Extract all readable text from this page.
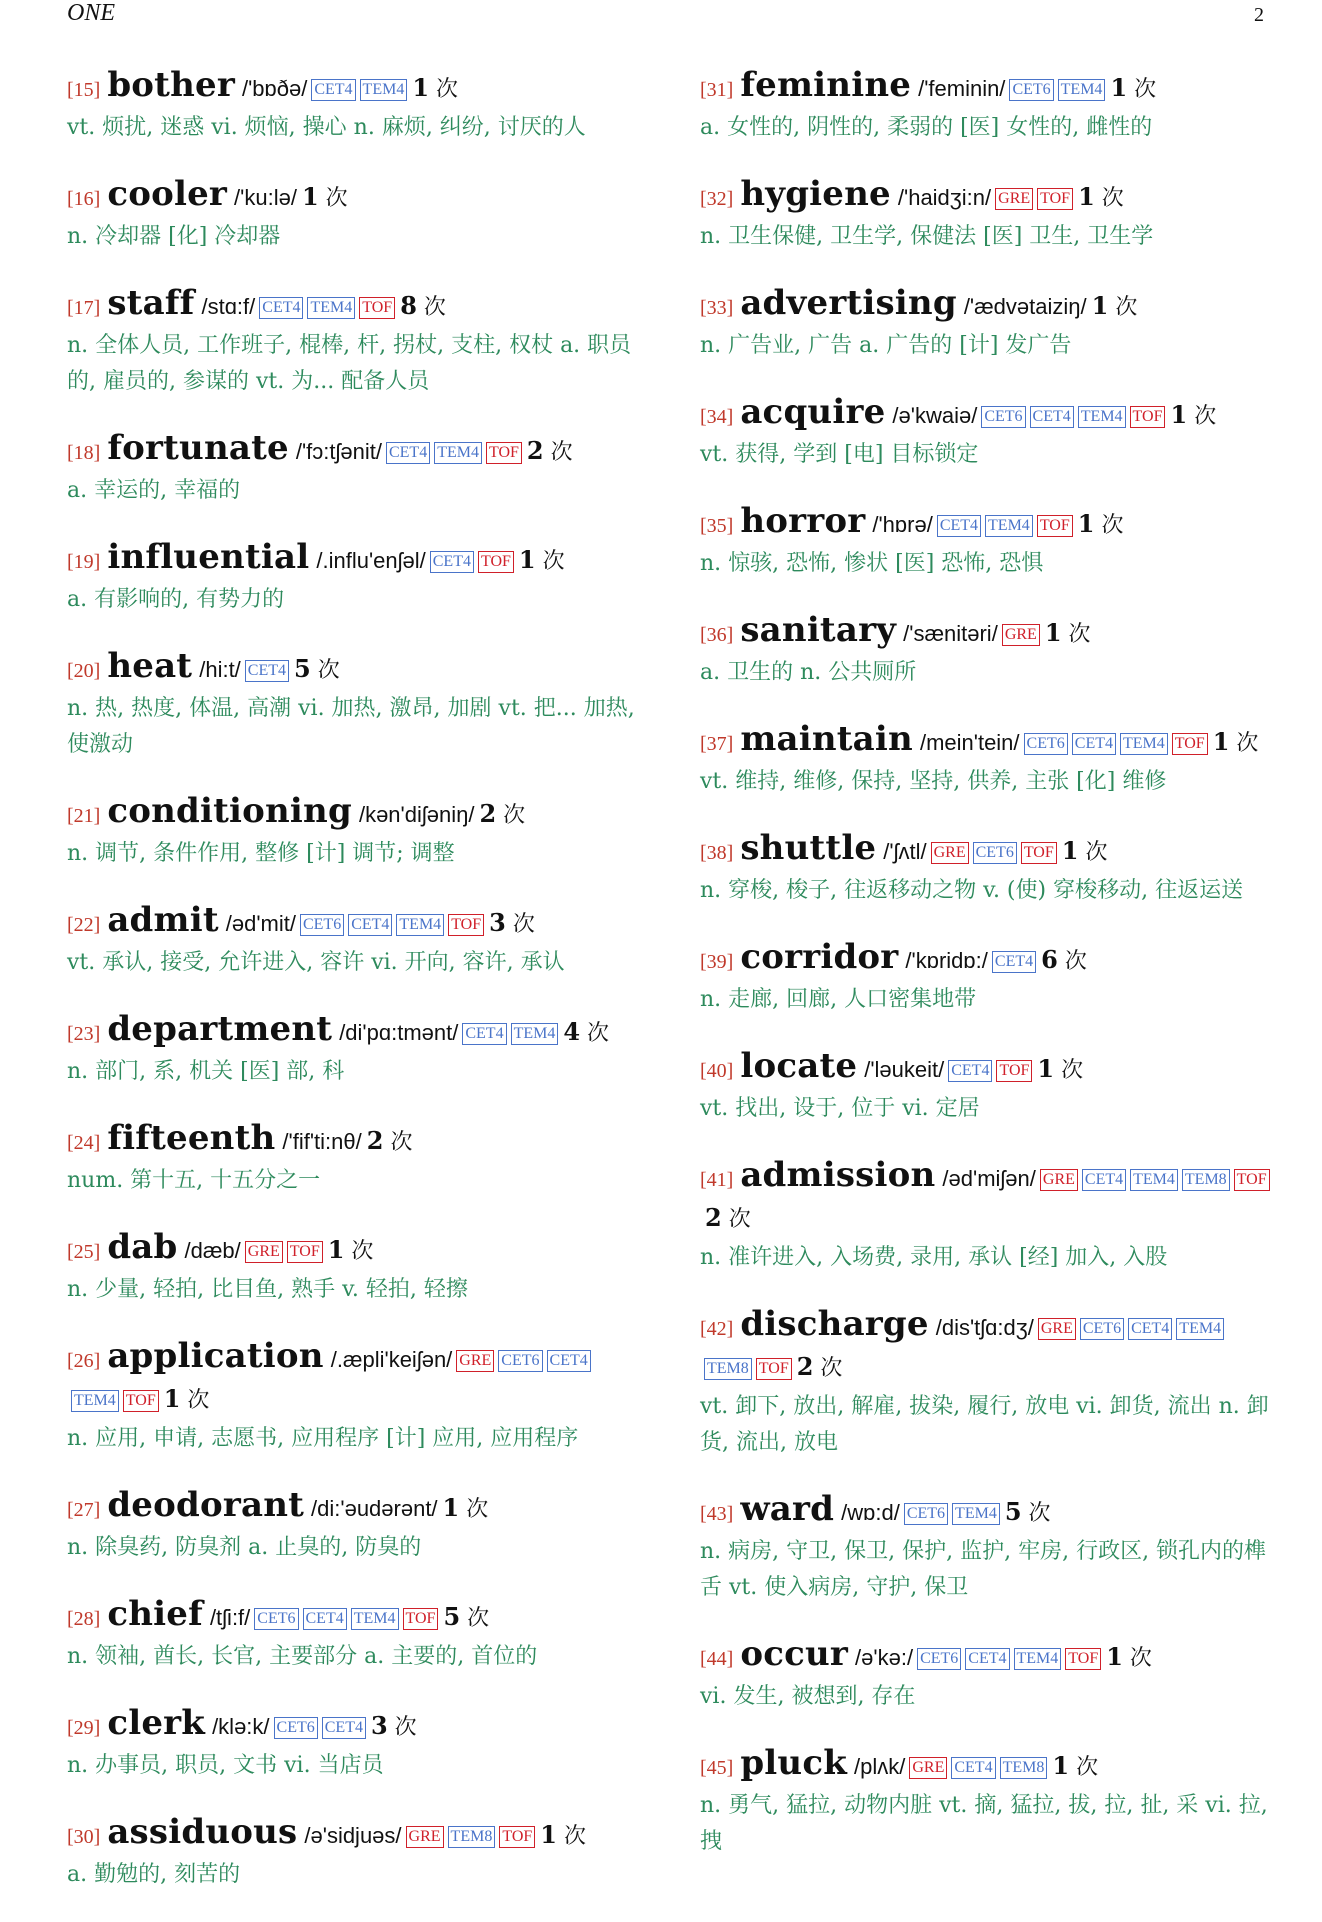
ONE	2
[15] bother /'bɒðə/ CET4 TEM4 1 次
vt. 烦扰, 迷惑 vi. 烦恼, 操心 n. 麻烦, 纠纷, 讨厌的人
[16] cooler /'ku:lə/ 1 次
n. 冷却器 [化] 冷却器
[17] staff /stɑ:f/ CET4 TEM4 TOF 8 次
n. 全体人员, 工作班子, 棍棒, 杆, 拐杖, 支柱, 权杖 a. 职员的, 雇员的, 参谋的 vt. 为... 配备人员
[18] fortunate /'fɔ:tʃənit/ CET4 TEM4 TOF 2 次
a. 幸运的, 幸福的
[19] influential /.influ'enʃəl/ CET4 TOF 1 次
a. 有影响的, 有势力的
[20] heat /hi:t/ CET4 5 次
n. 热, 热度, 体温, 高潮 vi. 加热, 激昂, 加剧 vt. 把... 加热, 使激动
[21] conditioning /kən'diʃəniŋ/ 2 次
n. 调节, 条件作用, 整修 [计] 调节; 调整
[22] admit /əd'mit/ CET6 CET4 TEM4 TOF 3 次
vt. 承认, 接受, 允许进入, 容许 vi. 开向, 容许, 承认
[23] department /di'pɑ:tmənt/ CET4 TEM4 4 次
n. 部门, 系, 机关 [医] 部, 科
[24] fifteenth /'fif'ti:nθ/ 2 次
num. 第十五, 十五分之一
[25] dab /dæb/ GRE TOF 1 次
n. 少量, 轻拍, 比目鱼, 熟手 v. 轻拍, 轻擦
[26] application /.æpli'keiʃən/ GRE CET6 CET4TEM4 TOF 1 次
n. 应用, 申请, 志愿书, 应用程序 [计] 应用, 应用程序
[27] deodorant /di:'əudərənt/ 1 次
n. 除臭药, 防臭剂 a. 止臭的, 防臭的
[28] chief /tʃi:f/ CET6 CET4 TEM4 TOF 5 次
n. 领袖, 酋长, 长官, 主要部分 a. 主要的, 首位的
[29] clerk /klə:k/ CET6 CET4 3 次
n. 办事员, 职员, 文书 vi. 当店员
[30] assiduous /ə'sidjuəs/ GRE TEM8 TOF 1 次
a. 勤勉的, 刻苦的
[31] feminine /'feminin/ CET6 TEM4 1 次
a. 女性的, 阴性的, 柔弱的 [医] 女性的, 雌性的
[32] hygiene /'haidʒi:n/ GRE TOF 1 次
n. 卫生保健, 卫生学, 保健法 [医] 卫生, 卫生学
[33] advertising /'ædvətaiziŋ/ 1 次
n. 广告业, 广告 a. 广告的 [计] 发广告
[34] acquire /ə'kwaiə/ CET6 CET4 TEM4 TOF 1 次
vt. 获得, 学到 [电] 目标锁定
[35] horror /'hɒrə/ CET4 TEM4 TOF 1 次
n. 惊骇, 恐怖, 惨状 [医] 恐怖, 恐惧
[36] sanitary /'sænitəri/ GRE 1 次
a. 卫生的 n. 公共厕所
[37] maintain /mein'tein/ CET6 CET4 TEM4 TOF 1 次
vt. 维持, 维修, 保持, 坚持, 供养, 主张 [化] 维修
[38] shuttle /'ʃʌtl/ GRE CET6 TOF 1 次
n. 穿梭, 梭子, 往返移动之物 v. (使) 穿梭移动, 往返运送
[39] corridor /'kɒridɒ:/ CET4 6 次
n. 走廊, 回廊, 人口密集地带
[40] locate /'ləukeit/ CET4 TOF 1 次
vt. 找出, 设于, 位于 vi. 定居
[41] admission /əd'miʃən/ GRE CET4 TEM4 TEM8 TOF2 次
n. 准许进入, 入场费, 录用, 承认 [经] 加入, 入股
[42] discharge /dis'tʃɑ:dʒ/ GRE CET6 CET4 TEM4TEM8 TOF 2 次
vt. 卸下, 放出, 解雇, 拔染, 履行, 放电 vi. 卸货, 流出 n. 卸货, 流出, 放电
[43] ward /wɒ:d/ CET6 TEM4 5 次
n. 病房, 守卫, 保卫, 保护, 监护, 牢房, 行政区, 锁孔内的榫舌 vt. 使入病房, 守护, 保卫
[44] occur /ə'kə:/ CET6 CET4 TEM4 TOF 1 次
vi. 发生, 被想到, 存在
[45] pluck /plʌk/ GRE CET4 TEM8 1 次
n. 勇气, 猛拉, 动物内脏 vt. 摘, 猛拉, 拔, 拉, 扯, 采 vi. 拉, 拽
